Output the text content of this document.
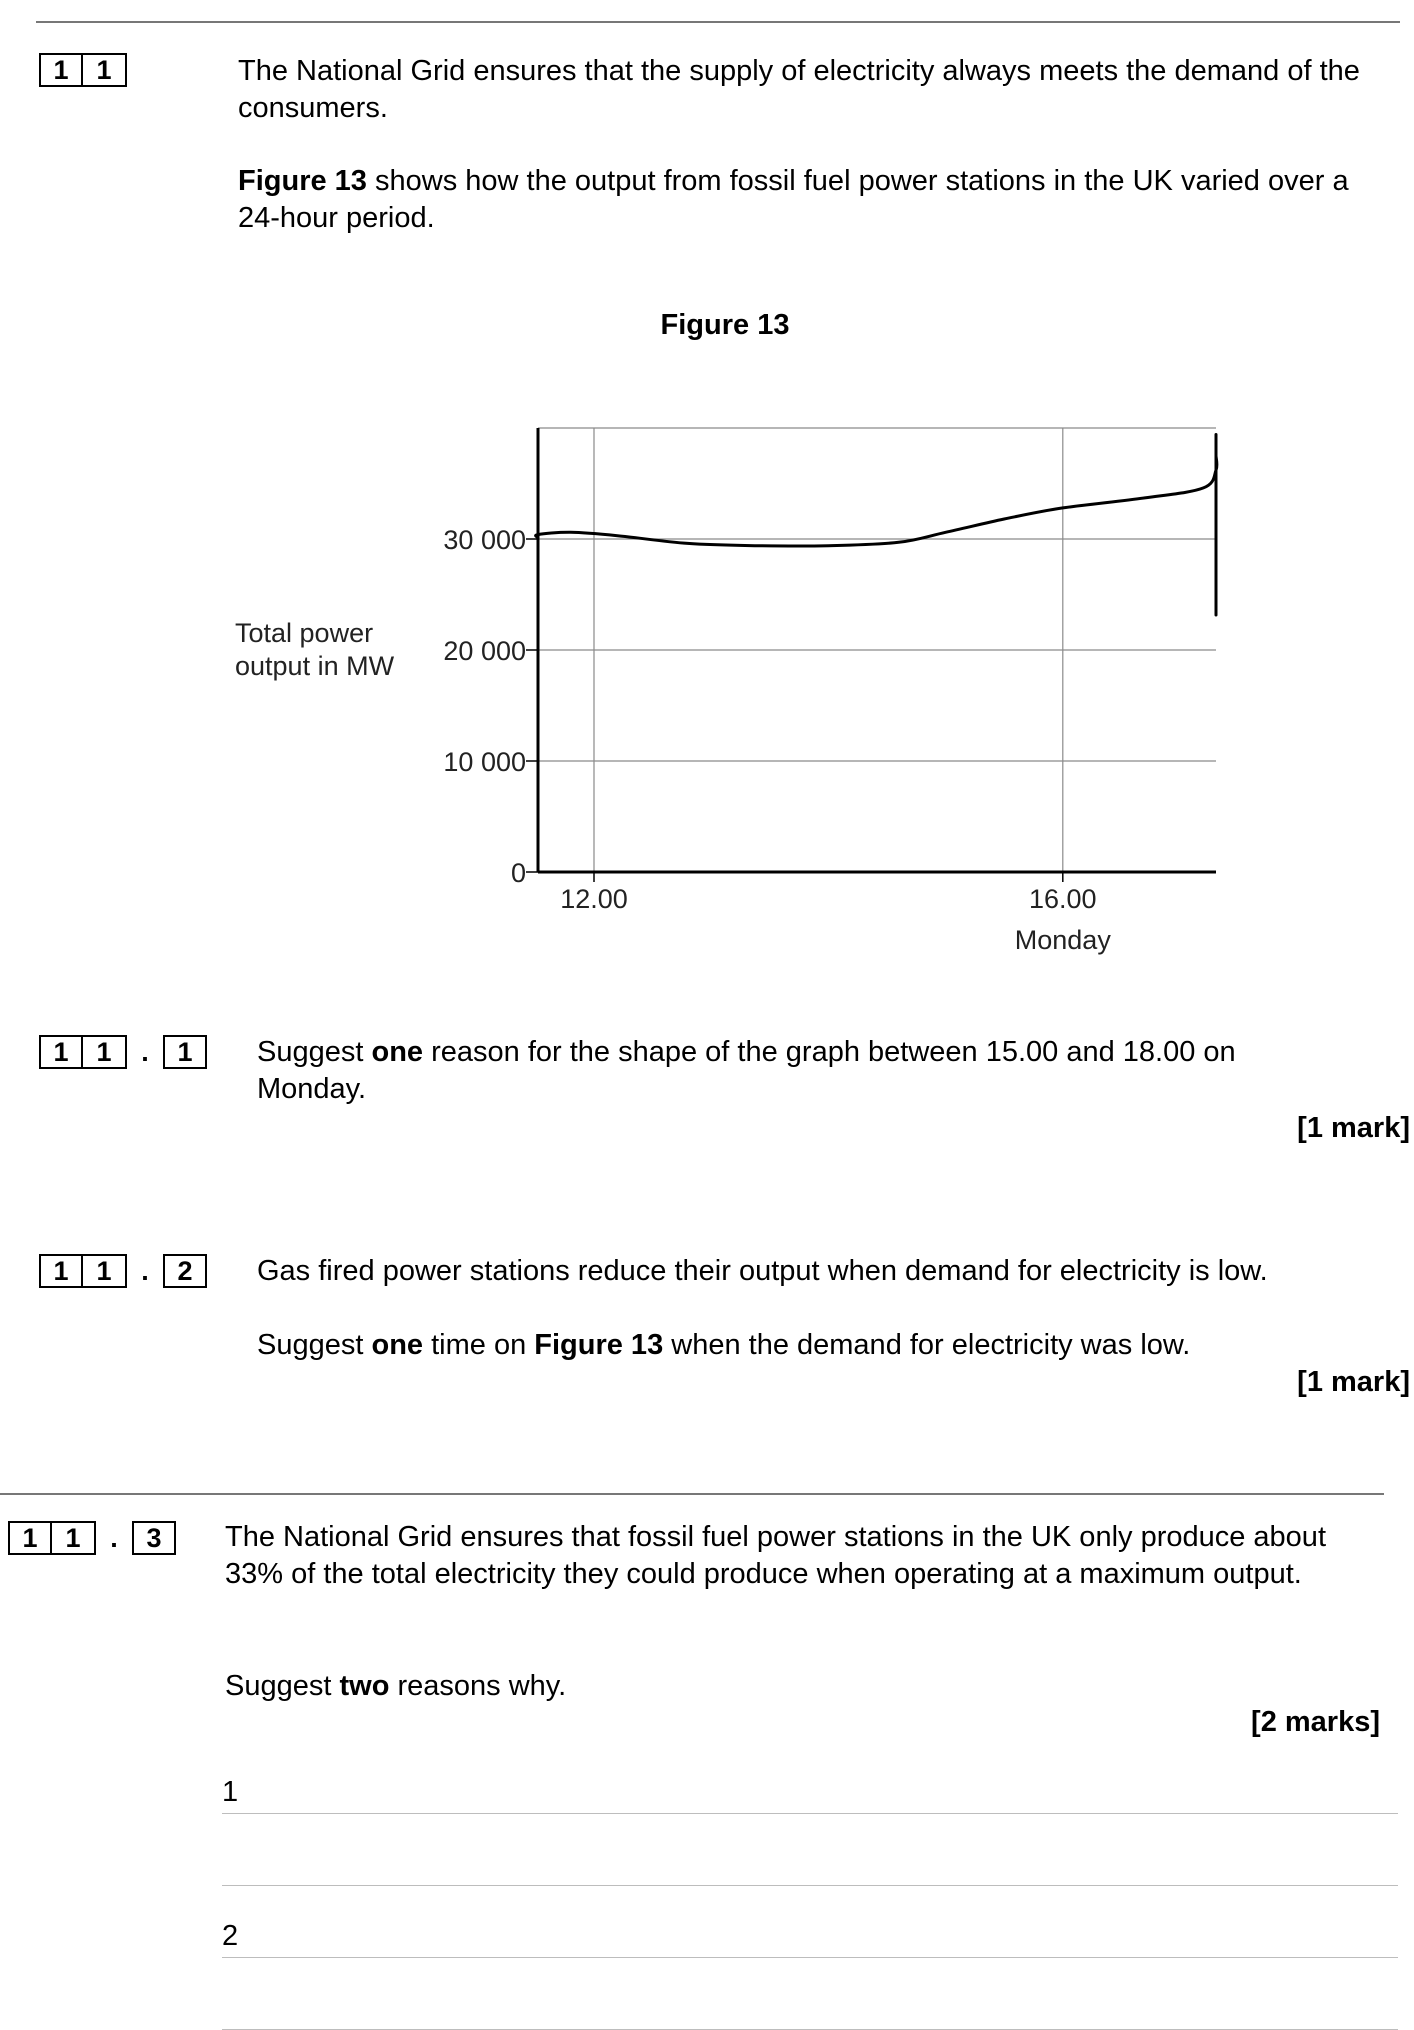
1	1	The National Grid ensures that the supply of electricity always meets the demand of the consumers.

Figure 13 shows how the output from fossil fuel power stations in the UK varied over a 24-hour period.

Figure 13
0
10 000
20 000
30 000
12.00	16.00
Monday
Total power
output in MW
1	1	.	1	Suggest one reason for the shape of the graph between 15.00 and 18.00 on Monday.

[1 mark]
1	1	.	2	Gas fired power stations reduce their output when demand for electricity is low.

Suggest one time on Figure 13 when the demand for electricity was low.

[1 mark]
1	1	.	3	The National Grid ensures that fossil fuel power stations in the UK only produce about 33% of the total electricity they could produce when operating at a maximum output.

Suggest two reasons why.

[2 marks]
1
2
